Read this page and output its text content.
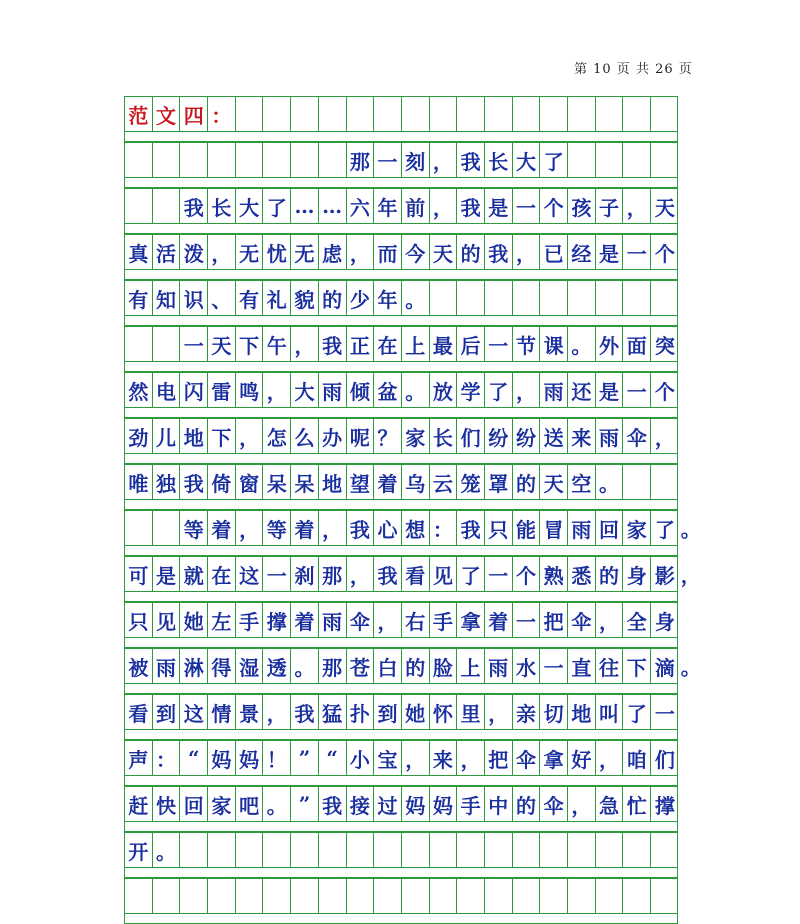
第 10 页 共 26 页
范 文 四 ：
那 一 刻 ， 我 长 大 了
我 长 大 了 … … 六 年 前 ， 我 是 一 个 孩 子 ， 天
真 活 泼 ， 无 忧 无 虑 ， 而 今 天 的 我 ， 已 经 是 一 个
有 知 识 、 有 礼 貌 的 少 年 。
一 天 下 午 ， 我 正 在 上 最 后 一 节 课 。 外 面 突
然 电 闪 雷 鸣 ， 大 雨 倾 盆 。 放 学 了 ， 雨 还 是 一 个
劲 儿 地 下 ， 怎 么 办 呢 ？ 家 长 们 纷 纷 送 来 雨 伞 ，
唯 独 我 倚 窗 呆 呆 地 望 着 乌 云 笼 罩 的 天 空 。
等 着 ， 等 着 ， 我 心 想 ： 我 只 能 冒 雨 回 家 了 。
可 是 就 在 这 一 刹 那 ， 我 看 见 了 一 个 熟 悉 的 身 影 ，
只 见 她 左 手 撑 着 雨 伞 ， 右 手 拿 着 一 把 伞 ， 全 身
被 雨 淋 得 湿 透 。 那 苍 白 的 脸 上 雨 水 一 直 往 下 滴 。
看 到 这 情 景 ， 我 猛 扑 到 她 怀 里 ， 亲 切 地 叫 了 一
声 ： “ 妈 妈 ！ ” “ 小 宝 ， 来 ， 把 伞 拿 好 ， 咱 们
赶 快 回 家 吧 。 ” 我 接 过 妈 妈 手 中 的 伞 ， 急 忙 撑
开 。
